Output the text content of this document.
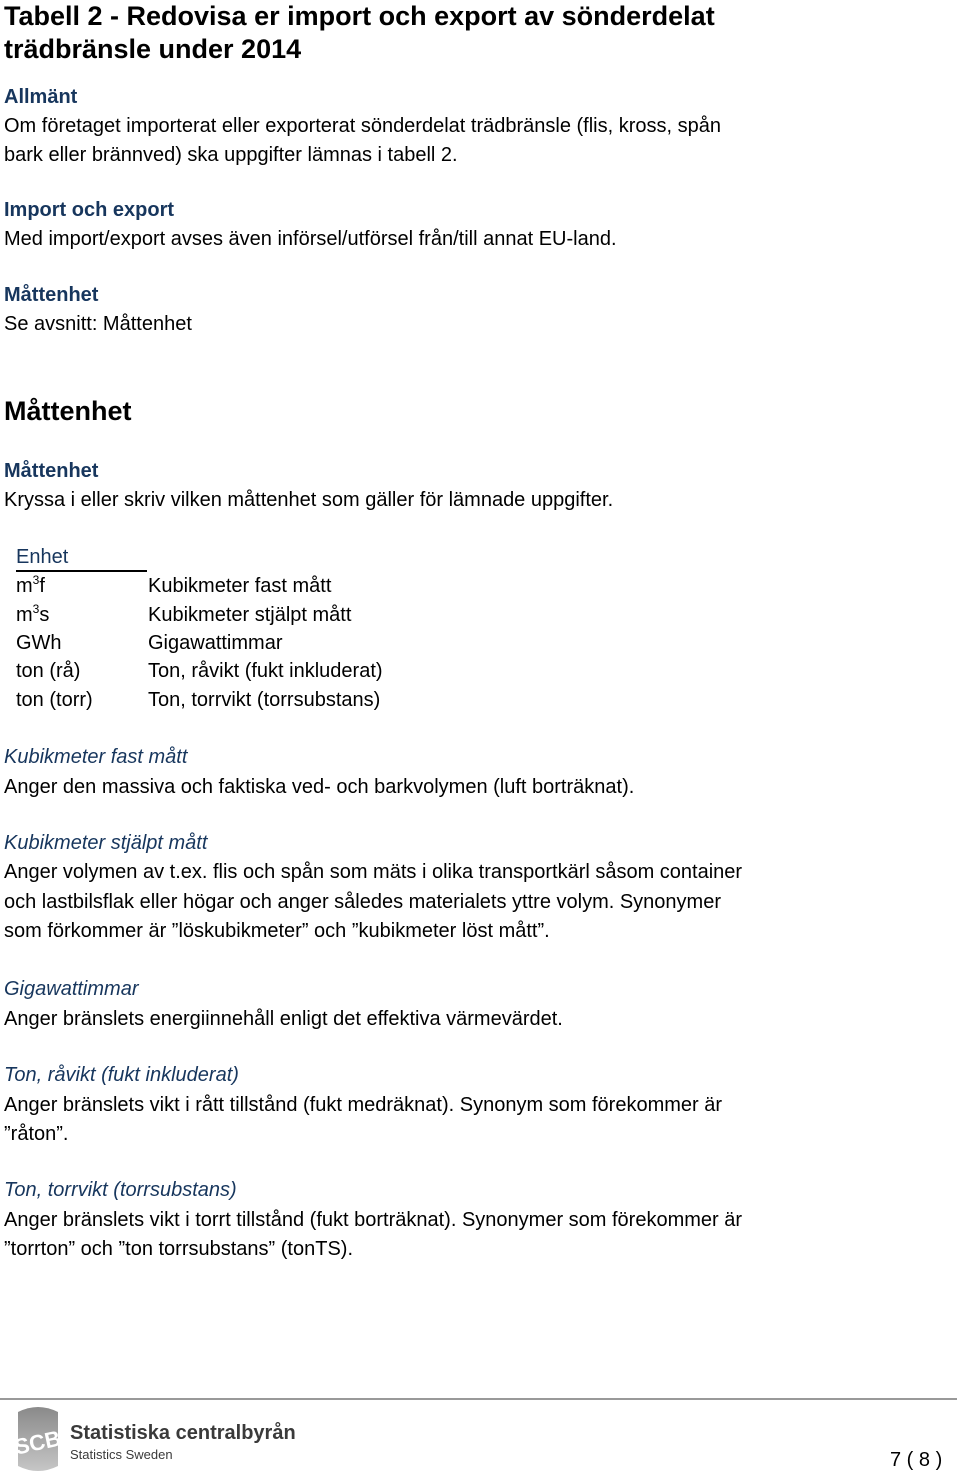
Tabell 2 - Redovisa er import och export av sönderdelat
trädbränsle under 2014
Allmänt
Om företaget importerat eller exporterat sönderdelat trädbränsle (flis, kross, spån
bark eller brännved) ska uppgifter lämnas i tabell 2.
Import och export
Med import/export avses även införsel/utförsel från/till annat EU-land.
Måttenhet
Se avsnitt: Måttenhet
Måttenhet
Måttenhet
Kryssa i eller skriv vilken måttenhet som gäller för lämnade uppgifter.
Enhet
$m^3f$	Kubikmeter fast mått
$m^3s$	Kubikmeter stjälpt mått
GWh	Gigawattimmar
ton (rå)	Ton, råvikt (fukt inkluderat)
ton (torr)	Ton, torrvikt (torrsubstans)
Kubikmeter fast mått
Anger den massiva och faktiska ved- och barkvolymen (luft borträknat).
Kubikmeter stjälpt mått
Anger volymen av t.ex. flis och spån som mäts i olika transportkärl såsom container
och lastbilsflak eller högar och anger således materialets yttre volym. Synonymer
som förkommer är ”löskubikmeter” och ”kubikmeter löst mått”.
Gigawattimmar
Anger bränslets energiinnehåll enligt det effektiva värmevärdet.
Ton, råvikt (fukt inkluderat)
Anger bränslets vikt i rått tillstånd (fukt medräknat). Synonym som förekommer är
”råton”.
Ton, torrvikt (torrsubstans)
Anger bränslets vikt i torrt tillstånd (fukt borträknat). Synonymer som förekommer är
”torrton” och ”ton torrsubstans” (tonTS).
SCB Statistiska centralbyrån
Statistics Sweden	7 ( 8 )
